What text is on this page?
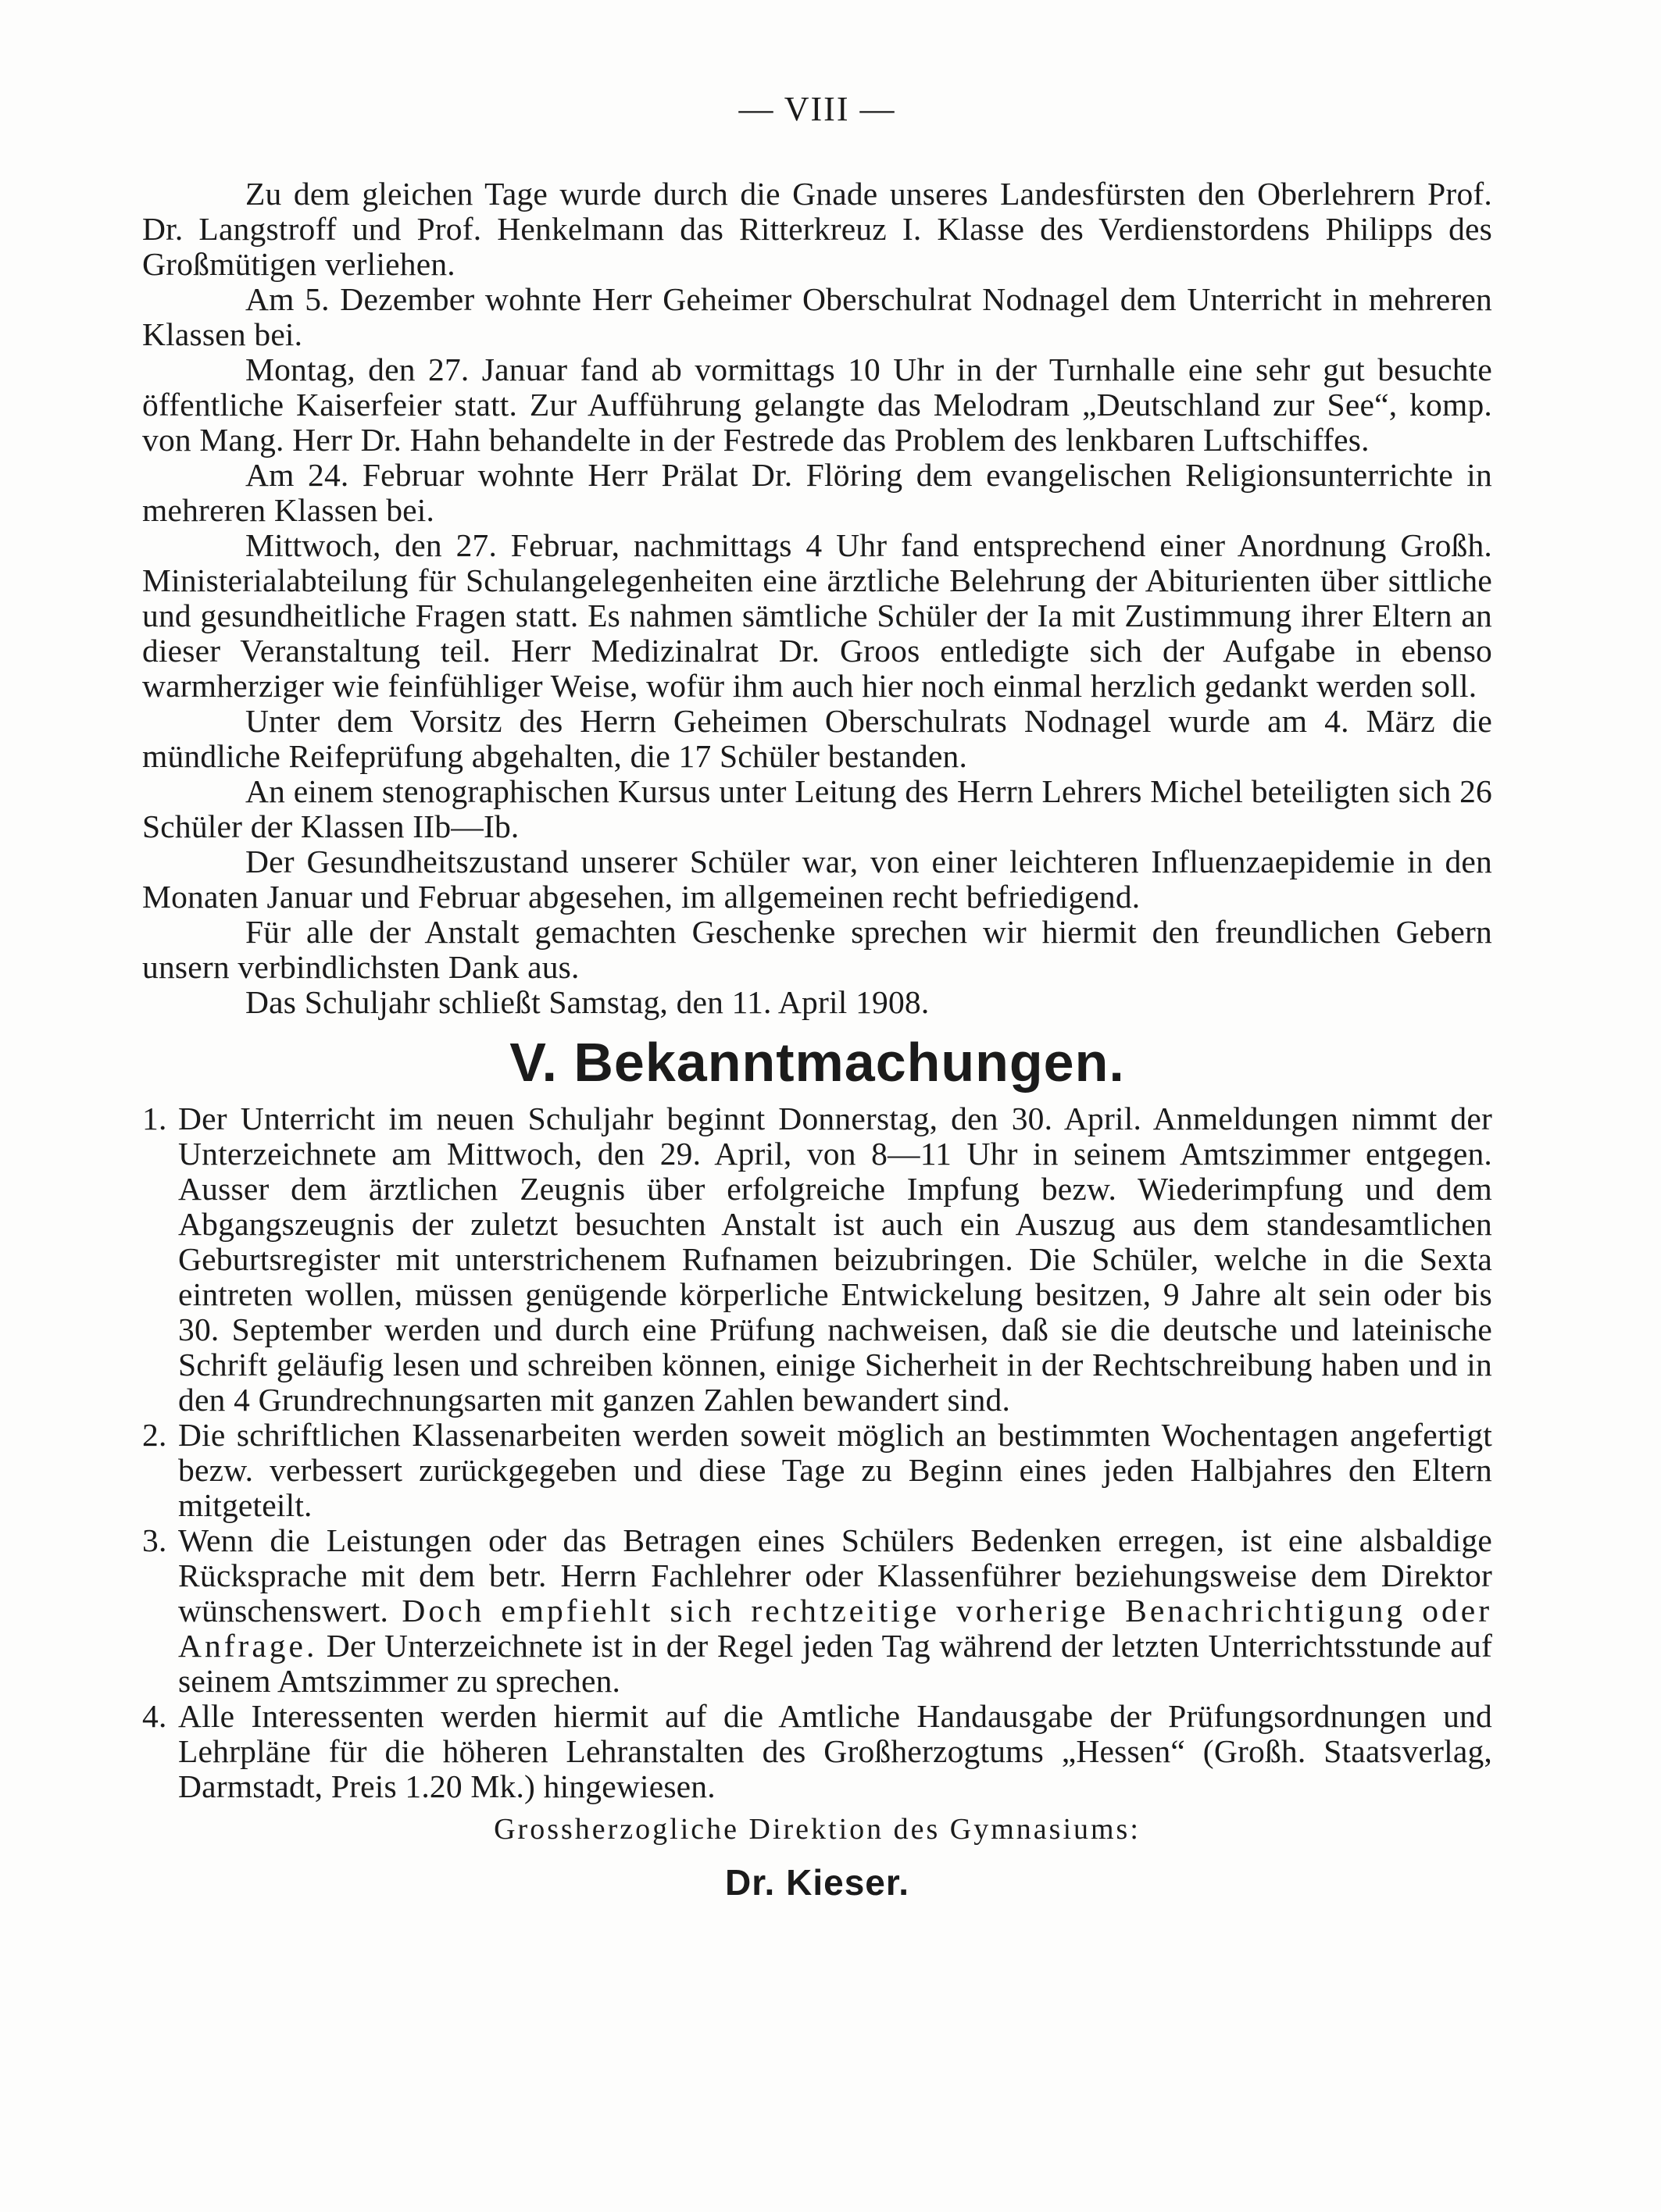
— VIII —

Zu dem gleichen Tage wurde durch die Gnade unseres Landesfürsten den Oberlehrern Prof. Dr. Langstroff und Prof. Henkelmann das Ritterkreuz I. Klasse des Verdienstordens Philipps des Großmütigen verliehen.

Am 5. Dezember wohnte Herr Geheimer Oberschulrat Nodnagel dem Unterricht in mehreren Klassen bei.

Montag, den 27. Januar fand ab vormittags 10 Uhr in der Turnhalle eine sehr gut besuchte öffentliche Kaiserfeier statt. Zur Aufführung gelangte das Melodram „Deutschland zur See“, komp. von Mang. Herr Dr. Hahn behandelte in der Festrede das Problem des lenkbaren Luftschiffes.

Am 24. Februar wohnte Herr Prälat Dr. Flöring dem evangelischen Religionsunterrichte in mehreren Klassen bei.

Mittwoch, den 27. Februar, nachmittags 4 Uhr fand entsprechend einer Anordnung Großh. Ministerialabteilung für Schulangelegenheiten eine ärztliche Belehrung der Abiturienten über sittliche und gesundheitliche Fragen statt. Es nahmen sämtliche Schüler der Ia mit Zustimmung ihrer Eltern an dieser Veranstaltung teil. Herr Medizinalrat Dr. Groos entledigte sich der Aufgabe in ebenso warmherziger wie feinfühliger Weise, wofür ihm auch hier noch einmal herzlich gedankt werden soll.

Unter dem Vorsitz des Herrn Geheimen Oberschulrats Nodnagel wurde am 4. März die mündliche Reifeprüfung abgehalten, die 17 Schüler bestanden.

An einem stenographischen Kursus unter Leitung des Herrn Lehrers Michel beteiligten sich 26 Schüler der Klassen IIb—Ib.

Der Gesundheitszustand unserer Schüler war, von einer leichteren Influenzaepidemie in den Monaten Januar und Februar abgesehen, im allgemeinen recht befriedigend.

Für alle der Anstalt gemachten Geschenke sprechen wir hiermit den freundlichen Gebern unsern verbindlichsten Dank aus.

Das Schuljahr schließt Samstag, den 11. April 1908.

V. Bekanntmachungen.
1. Der Unterricht im neuen Schuljahr beginnt Donnerstag, den 30. April. Anmeldungen nimmt der Unterzeichnete am Mittwoch, den 29. April, von 8—11 Uhr in seinem Amtszimmer entgegen. Ausser dem ärztlichen Zeugnis über erfolgreiche Impfung bezw. Wiederimpfung und dem Abgangszeugnis der zuletzt besuchten Anstalt ist auch ein Auszug aus dem standesamtlichen Geburtsregister mit unterstrichenem Rufnamen beizubringen. Die Schüler, welche in die Sexta eintreten wollen, müssen genügende körperliche Entwickelung besitzen, 9 Jahre alt sein oder bis 30. September werden und durch eine Prüfung nachweisen, daß sie die deutsche und lateinische Schrift geläufig lesen und schreiben können, einige Sicherheit in der Rechtschreibung haben und in den 4 Grundrechnungsarten mit ganzen Zahlen bewandert sind.
2. Die schriftlichen Klassenarbeiten werden soweit möglich an bestimmten Wochentagen angefertigt bezw. verbessert zurückgegeben und diese Tage zu Beginn eines jeden Halbjahres den Eltern mitgeteilt.
3. Wenn die Leistungen oder das Betragen eines Schülers Bedenken erregen, ist eine alsbaldige Rücksprache mit dem betr. Herrn Fachlehrer oder Klassenführer beziehungsweise dem Direktor wünschenswert. Doch empfiehlt sich rechtzeitige vorherige Benachrichtigung oder Anfrage. Der Unterzeichnete ist in der Regel jeden Tag während der letzten Unterrichtsstunde auf seinem Amtszimmer zu sprechen.
4. Alle Interessenten werden hiermit auf die Amtliche Handausgabe der Prüfungsordnungen und Lehrpläne für die höheren Lehranstalten des Großherzogtums „Hessen“ (Großh. Staatsverlag, Darmstadt, Preis 1.20 Mk.) hingewiesen.
Grossherzogliche Direktion des Gymnasiums:
Dr. Kieser.
